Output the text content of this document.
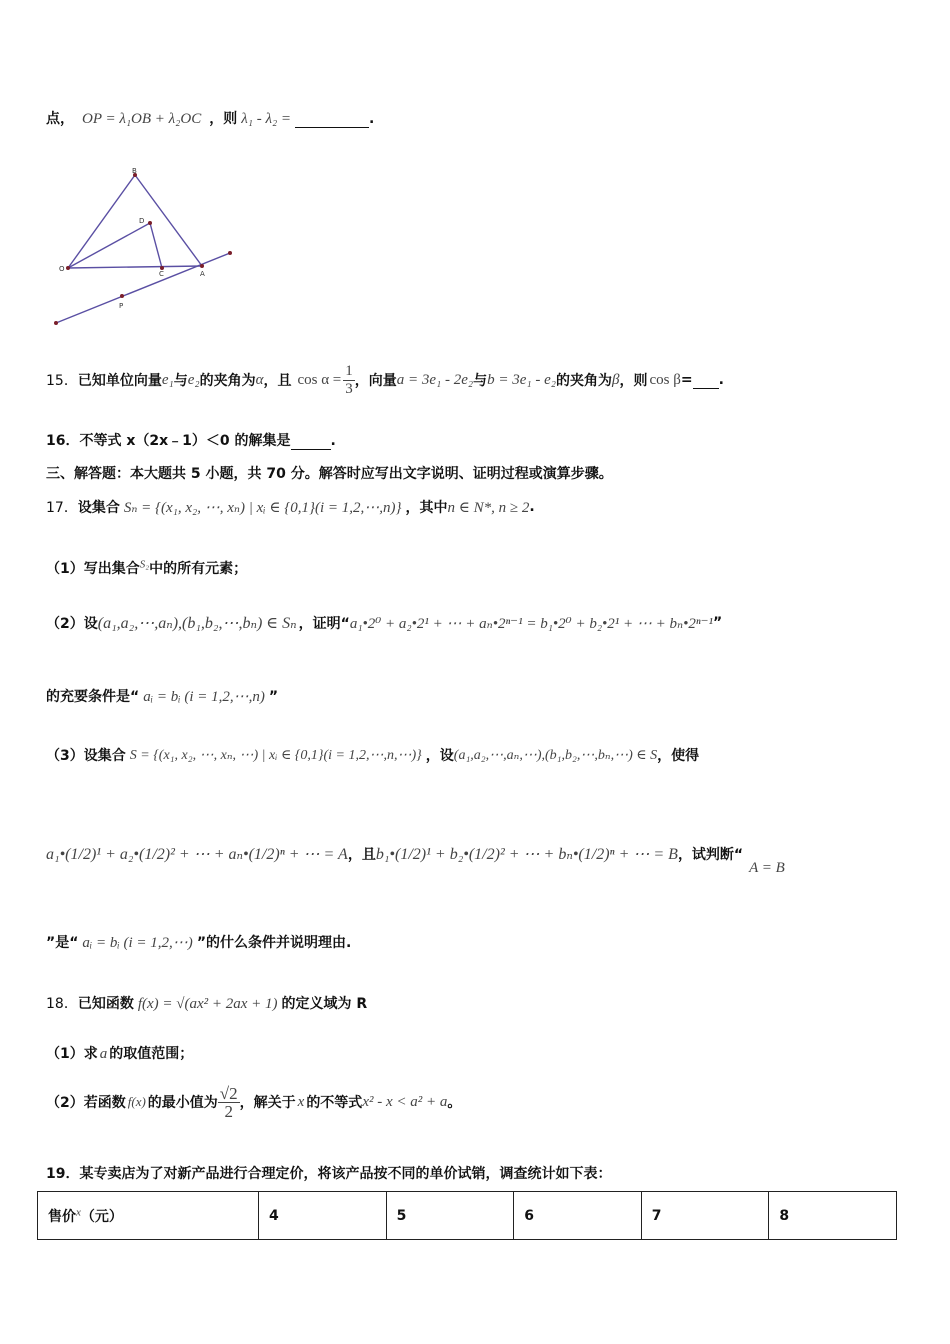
点， OP = λ₁OB + λ₂OC ，则 λ₁ - λ₂ =	.
B
D
O
C	A
P
15． 已知单位向量 e₁ 与 e₂ 的夹角为 α ，且 $\cos \alpha = \frac{1}{3}$ ，向量 a = 3e₁ - 2e₂ 与 b = 3e₁ - e₂ 的夹角为 β ，则 cos β =
.
16．不等式 x（2x﹣1）＜0 的解集是	.
三、解答题：本大题共 5 小题，共 70 分。解答时应写出文字说明、证明过程或演算步骤。
17． 设集合 Sₙ = {(x₁, x₂, ⋯, xₙ) | xᵢ ∈ {0,1}(i = 1,2,⋯,n)} ，其中 n ∈ N*, n ≥ 2 .
（1）写出集合$^{S_2}$中的所有元素；
（2）设 (a₁,a₂,⋯,aₙ),(b₁,b₂,⋯,bₙ) ∈ Sₙ ，证明“ a₁•2⁰ + a₂•2¹ + ⋯ + aₙ•2ⁿ⁻¹ = b₁•2⁰ + b₂•2¹ + ⋯ + bₙ•2ⁿ⁻¹ ”
的充要条件是“ aᵢ = bᵢ (i = 1,2,⋯,n) ”
（3）设集合 S = {(x₁, x₂, ⋯, xₙ, ⋯) | xᵢ ∈ {0,1}(i = 1,2,⋯,n,⋯)} ，设 (a₁,a₂,⋯,aₙ,⋯),(b₁,b₂,⋯,bₙ,⋯) ∈ S ，使得
a₁•(1/2)¹ + a₂•(1/2)² + ⋯ + aₙ•(1/2)ⁿ + ⋯ = A ，且 b₁•(1/2)¹ + b₂•(1/2)² + ⋯ + bₙ•(1/2)ⁿ + ⋯ = B ，试判断“
A = B
”是“ aᵢ = bᵢ (i = 1,2,⋯) ”的什么条件并说明理由.
18．已知函数 f(x) = √(ax² + 2ax + 1) 的定义域为 R
（1）求 a 的取值范围；
（2）若函数 f(x) 的最小值为 $\frac{√2}{2}$ ，解关于 x 的不等式 x² - x < a² + a 。
19．某专卖店为了对新产品进行合理定价，将该产品按不同的单价试销，调查统计如下表：
售价$^x$（元）	4	5	6	7	8
